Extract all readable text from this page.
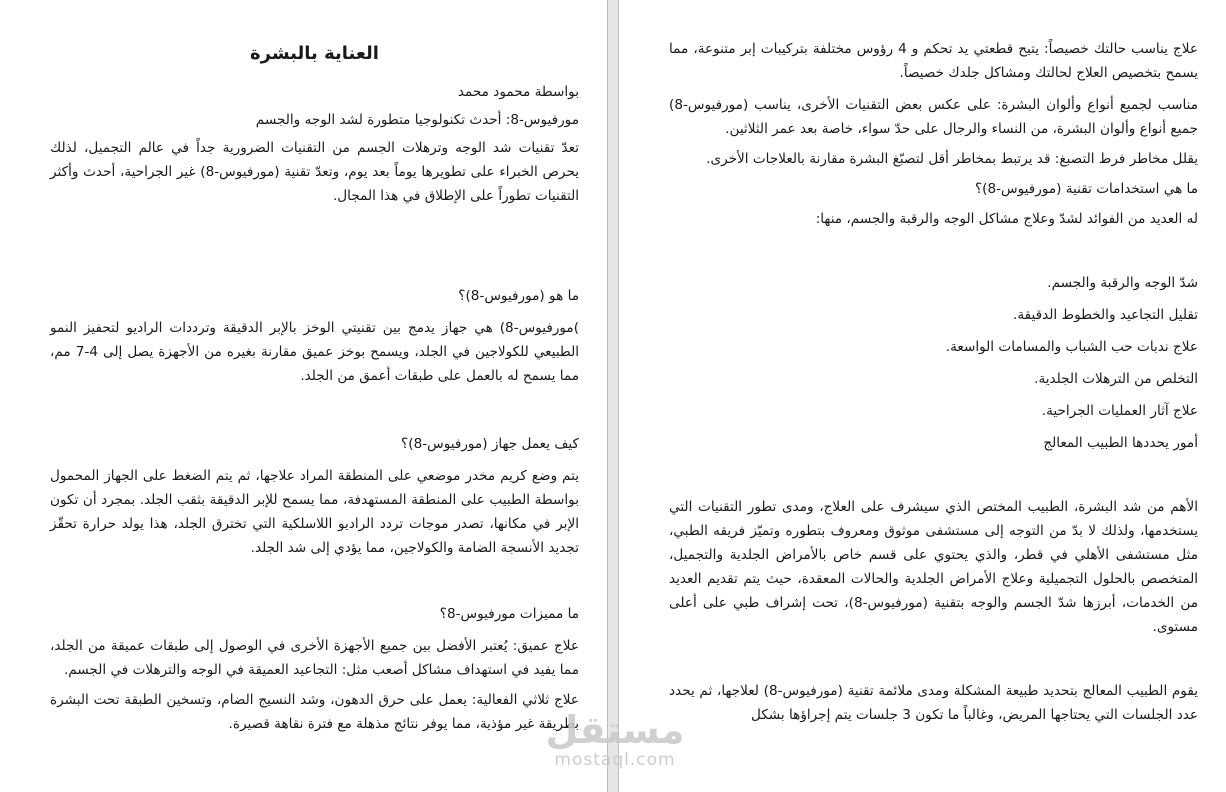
العناية بالبشرة

بواسطة محمود محمد

مورفيوس-8: أحدث تكنولوجيا متطورة لشد الوجه والجسم

تعدّ تقنيات شد الوجه وترهلات الجسم من التقنيات الضرورية جداً في عالم التجميل، لذلك يحرص الخبراء على تطويرها يوماً بعد يوم، وتعدّ تقنية (مورفيوس-8) غير الجراحية، أحدث وأكثر التقنيات تطوراً على الإطلاق في هذا المجال.

ما هو (مورفيوس-8)؟

)مورفيوس-8) هي جهاز يدمج بين تقنيتي الوخز بالإبر الدقيقة وترددات الراديو لتحفيز النمو الطبيعي للكولاجين في الجلد، ويسمح بوخز عميق مقارنة بغيره من الأجهزة يصل إلى 4-7 مم، مما يسمح له بالعمل على طبقات أعمق من الجلد.

كيف يعمل جهاز (مورفيوس-8)؟

يتم وضع كريم مخدر موضعي على المنطقة المراد علاجها، ثم يتم الضغط على الجهاز المحمول بواسطة الطبيب على المنطقة المستهدفة، مما يسمح للإبر الدقيقة بثقب الجلد. بمجرد أن تكون الإبر في مكانها، تصدر موجات تردد الراديو اللاسلكية التي تخترق الجلد، هذا يولد حرارة تحقّز تجديد الأنسجة الضامة والكولاجين، مما يؤدي إلى شد الجلد.

ما مميزات مورفيوس-8؟

علاج عميق: يُعتبر الأفضل بين جميع الأجهزة الأخرى في الوصول إلى طبقات عميقة من الجلد، مما يفيد في استهداف مشاكل أصعب مثل: التجاعيد العميقة في الوجه والترهلات في الجسم.

علاج ثلاثي الفعالية: يعمل على حرق الدهون، وشد النسيج الضام، وتسخين الطبقة تحت البشرة بطريقة غير مؤذية، مما يوفر نتائج مذهلة مع فترة نقاهة قصيرة.

علاج يناسب حالتك خصيصاً: يتيح قطعتي يد تحكم و 4 رؤوس مختلفة بتركيبات إبر متنوعة، مما يسمح بتخصيص العلاج لحالتك ومشاكل جلدك خصيصاً.

مناسب لجميع أنواع وألوان البشرة: على عكس بعض التقنيات الأخرى، يناسب (مورفيوس-8) جميع أنواع وألوان البشرة، من النساء والرجال على حدّ سواء، خاصة بعد عمر الثلاثين.

يقلل مخاطر فرط التصبغ: قد يرتبط بمخاطر أقل لتصبّغ البشرة مقارنة بالعلاجات الأخرى.

ما هي استخدامات تقنية (مورفيوس-8)؟

له العديد من الفوائد لشدّ وعلاج مشاكل الوجه والرقبة والجسم، منها:

شدّ الوجه والرقبة والجسم.

تقليل التجاعيد والخطوط الدقيقة.

علاج ندبات حب الشباب والمسامات الواسعة.

التخلص من الترهلات الجلدية.

علاج آثار العمليات الجراحية.

أمور يحددها الطبيب المعالج

الأهم من شد البشرة، الطبيب المختص الذي سيشرف على العلاج، ومدى تطور التقنيات التي يستخدمها، ولذلك لا بدّ من التوجه إلى مستشفى موثوق ومعروف بتطوره وتميّز فريقه الطبي، مثل مستشفى الأهلي في قطر، والذي يحتوي على قسم خاص بالأمراض الجلدية والتجميل، المتخصص بالحلول التجميلية وعلاج الأمراض الجلدية والحالات المعقدة، حيث يتم تقديم العديد من الخدمات، أبرزها شدّ الجسم والوجه بتقنية (مورفيوس-8)، تحت إشراف طبي على أعلى مستوى.

يقوم الطبيب المعالج بتحديد طبيعة المشكلة ومدى ملائمة تقنية (مورفيوس-8) لعلاجها، ثم يحدد عدد الجلسات التي يحتاجها المريض، وغالباً ما تكون 3 جلسات يتم إجراؤها بشكل

مستقل
mostaql.com
